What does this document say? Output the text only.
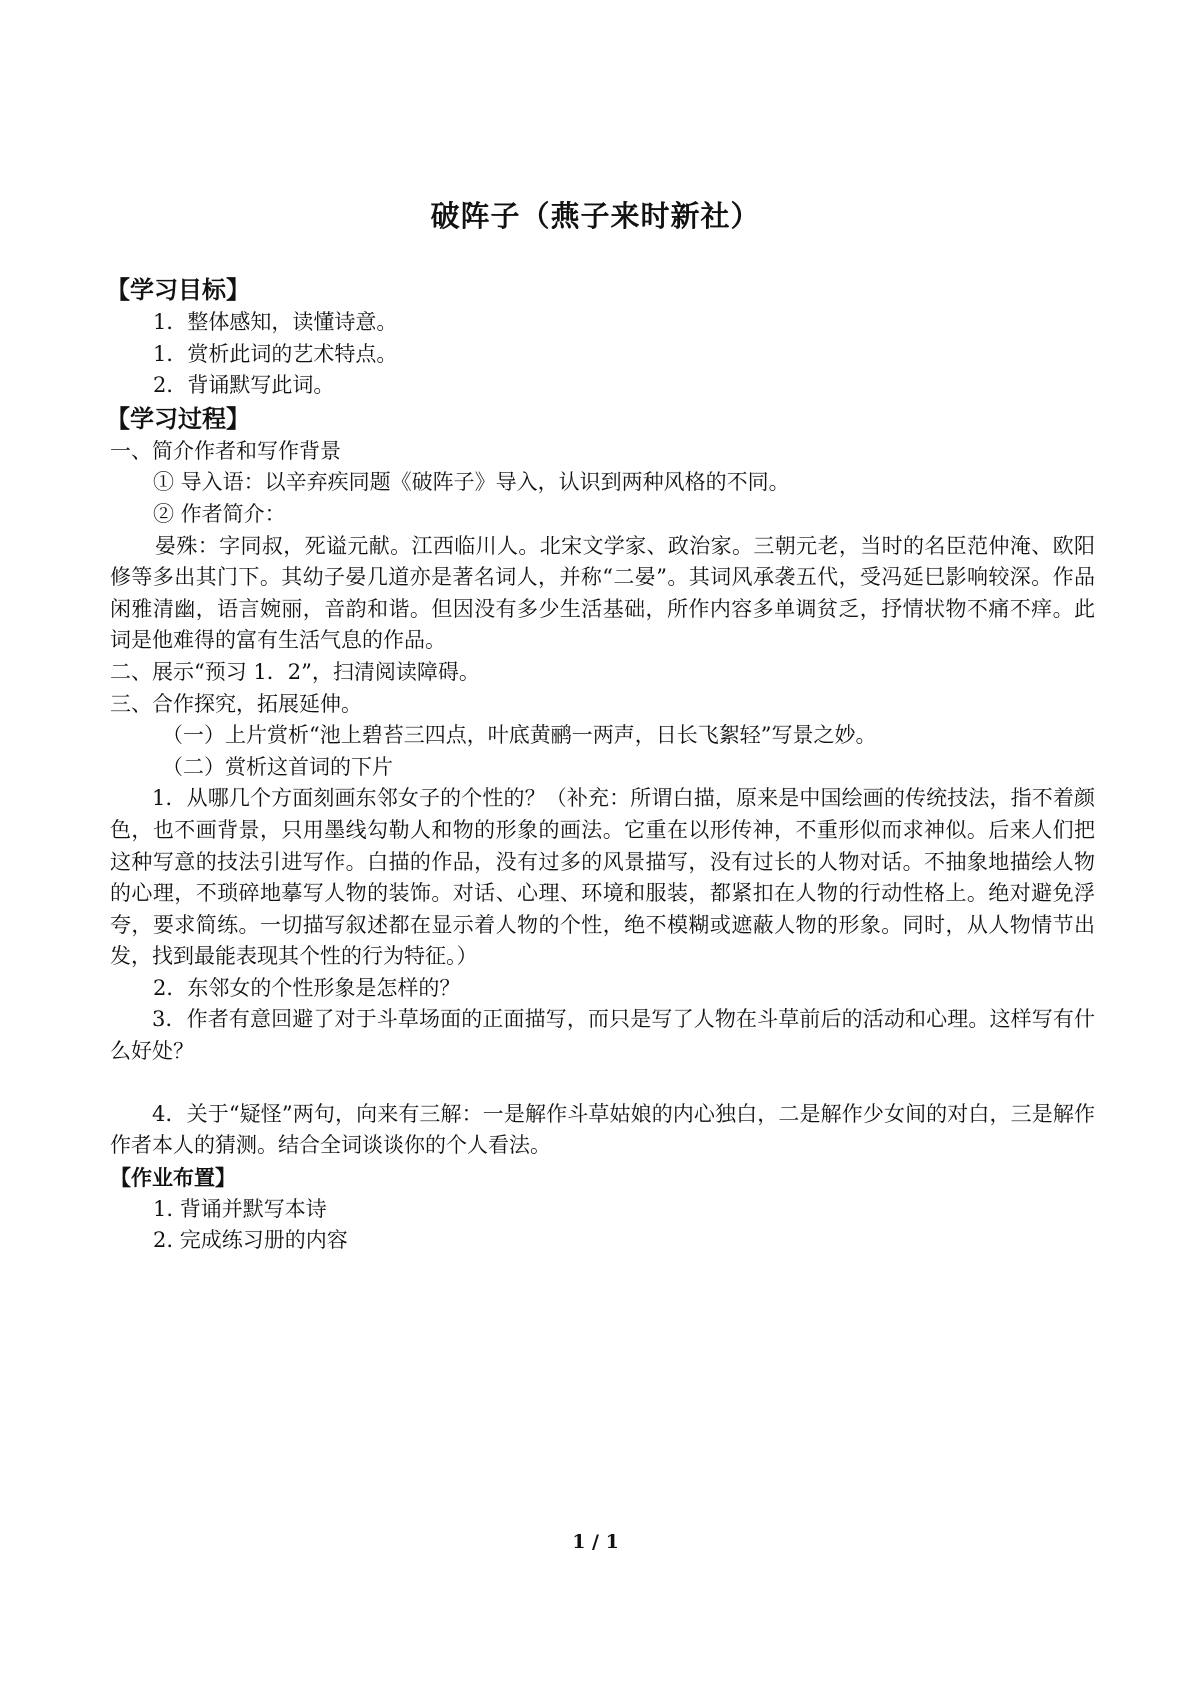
破阵子（燕子来时新社）
【学习目标】
1．整体感知，读懂诗意。
1．赏析此词的艺术特点。
2．背诵默写此词。
【学习过程】
一、简介作者和写作背景
① 导入语：以辛弃疾同题《破阵子》导入，认识到两种风格的不同。
② 作者简介：
晏殊：字同叔，死谥元献。江西临川人。北宋文学家、政治家。三朝元老，当时的名臣范仲淹、欧阳修等多出其门下。其幼子晏几道亦是著名词人，并称“二晏”。其词风承袭五代，受冯延巳影响较深。作品闲雅清幽，语言婉丽，音韵和谐。但因没有多少生活基础，所作内容多单调贫乏，抒情状物不痛不痒。此词是他难得的富有生活气息的作品。
二、展示“预习 1．2”，扫清阅读障碍。
三、合作探究，拓展延伸。
（一）上片赏析“池上碧苔三四点，叶底黄鹂一两声，日长飞絮轻”写景之妙。
（二）赏析这首词的下片
1．从哪几个方面刻画东邻女子的个性的？（补充：所谓白描，原来是中国绘画的传统技法，指不着颜色，也不画背景，只用墨线勾勒人和物的形象的画法。它重在以形传神，不重形似而求神似。后来人们把这种写意的技法引进写作。白描的作品，没有过多的风景描写，没有过长的人物对话。不抽象地描绘人物的心理，不琐碎地摹写人物的装饰。对话、心理、环境和服装，都紧扣在人物的行动性格上。绝对避免浮夸，要求简练。一切描写叙述都在显示着人物的个性，绝不模糊或遮蔽人物的形象。同时，从人物情节出发，找到最能表现其个性的行为特征。）
2．东邻女的个性形象是怎样的？
3．作者有意回避了对于斗草场面的正面描写，而只是写了人物在斗草前后的活动和心理。这样写有什么好处？
4．关于“疑怪”两句，向来有三解：一是解作斗草姑娘的内心独白，二是解作少女间的对白，三是解作作者本人的猜测。结合全词谈谈你的个人看法。
【作业布置】
1. 背诵并默写本诗
2. 完成练习册的内容
1 / 1
